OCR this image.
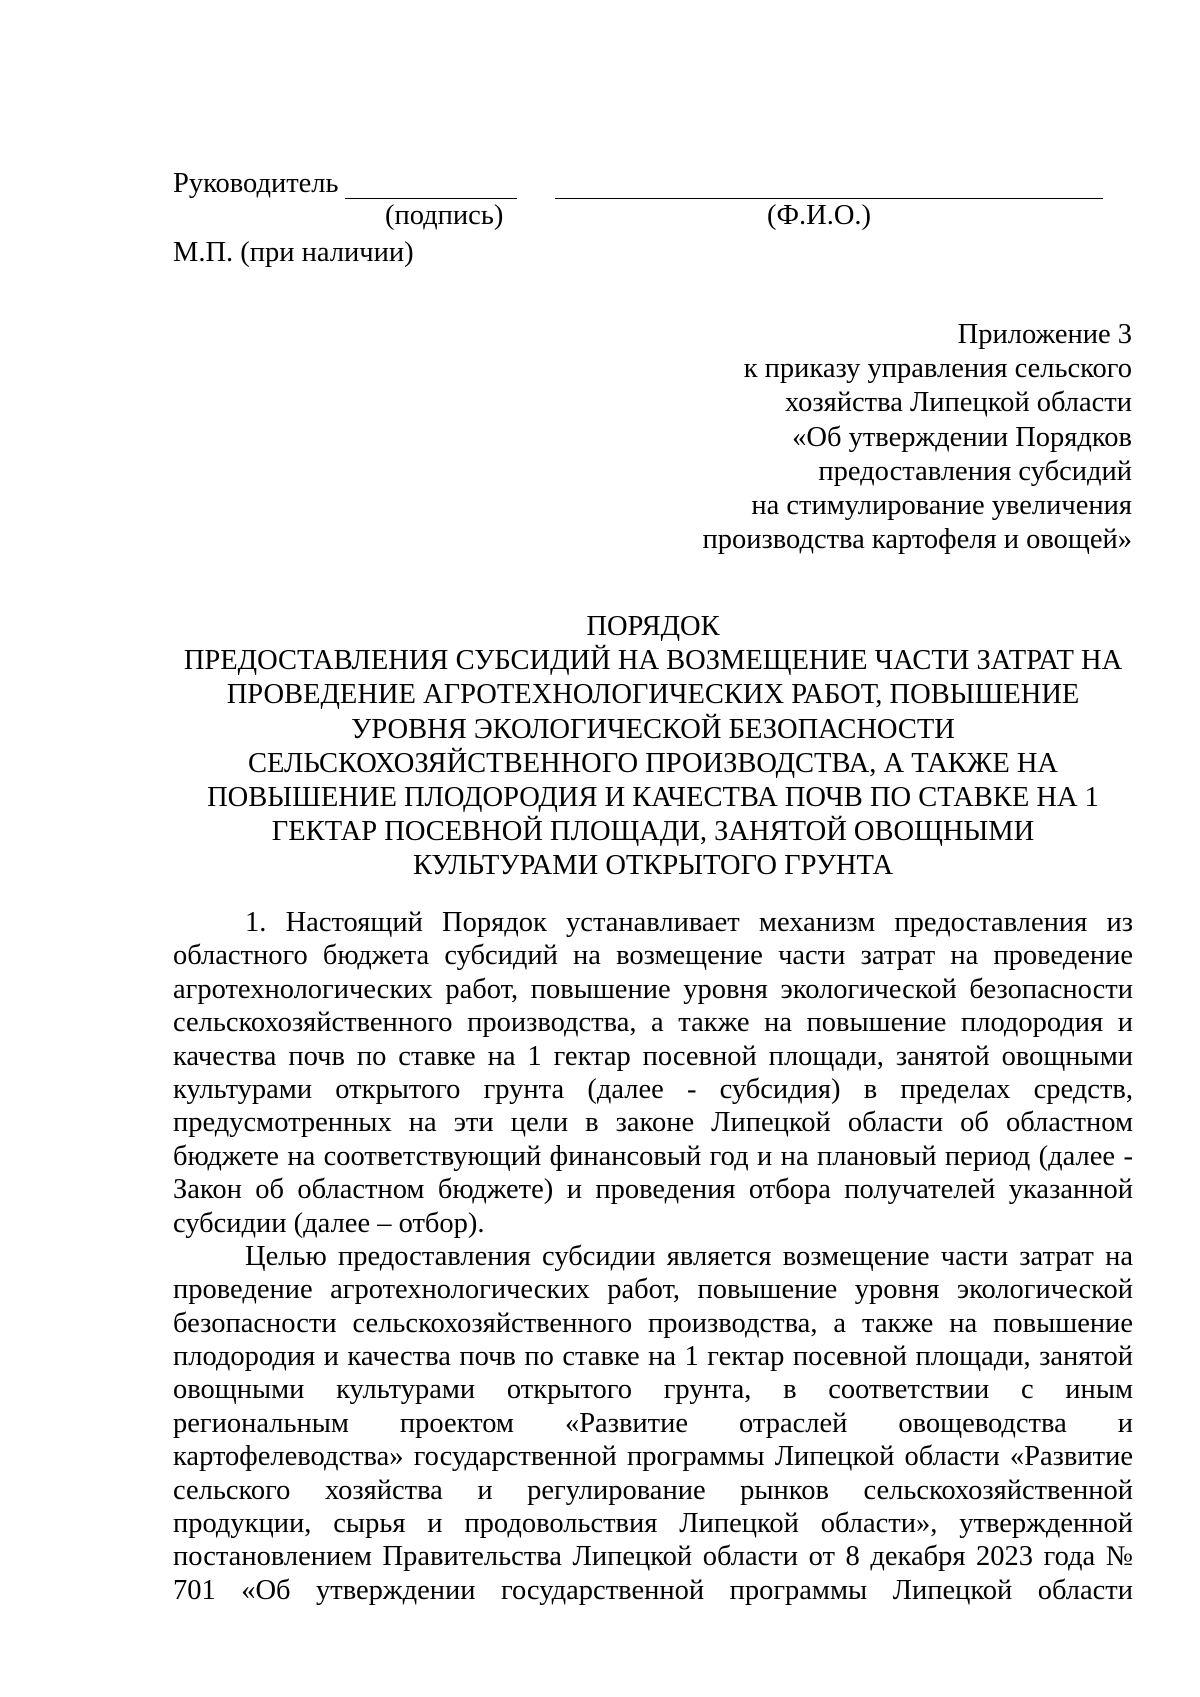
Руководитель
(подпись)	(Ф.И.О.)
М.П. (при наличии)
Приложение 3
к приказу управления сельского
хозяйства Липецкой области
«Об утверждении Порядков
предоставления субсидий
на стимулирование увеличения
производства картофеля и овощей»
ПОРЯДОК
ПРЕДОСТАВЛЕНИЯ СУБСИДИЙ НА ВОЗМЕЩЕНИЕ ЧАСТИ ЗАТРАТ НА
ПРОВЕДЕНИЕ АГРОТЕХНОЛОГИЧЕСКИХ РАБОТ, ПОВЫШЕНИЕ
УРОВНЯ ЭКОЛОГИЧЕСКОЙ БЕЗОПАСНОСТИ
СЕЛЬСКОХОЗЯЙСТВЕННОГО ПРОИЗВОДСТВА, А ТАКЖЕ НА
ПОВЫШЕНИЕ ПЛОДОРОДИЯ И КАЧЕСТВА ПОЧВ ПО СТАВКЕ НА 1
ГЕКТАР ПОСЕВНОЙ ПЛОЩАДИ, ЗАНЯТОЙ ОВОЩНЫМИ
КУЛЬТУРАМИ ОТКРЫТОГО ГРУНТА
1. Настоящий Порядок устанавливает механизм предоставления из
областного бюджета субсидий на возмещение части затрат на проведение
агротехнологических работ, повышение уровня экологической безопасности
сельскохозяйственного производства, а также на повышение плодородия и
качества почв по ставке на 1 гектар посевной площади, занятой овощными
культурами открытого грунта (далее - субсидия) в пределах средств,
предусмотренных на эти цели в законе Липецкой области об областном
бюджете на соответствующий финансовый год и на плановый период (далее -
Закон об областном бюджете) и проведения отбора получателей указанной
субсидии (далее – отбор).
Целью предоставления субсидии является возмещение части затрат на
проведение агротехнологических работ, повышение уровня экологической
безопасности сельскохозяйственного производства, а также на повышение
плодородия и качества почв по ставке на 1 гектар посевной площади, занятой
овощными культурами открытого грунта, в соответствии с иным
региональным проектом «Развитие отраслей овощеводства и
картофелеводства» государственной программы Липецкой области «Развитие
сельского хозяйства и регулирование рынков сельскохозяйственной
продукции, сырья и продовольствия Липецкой области», утвержденной
постановлением Правительства Липецкой области от 8 декабря 2023 года №
701 «Об утверждении государственной программы Липецкой области
